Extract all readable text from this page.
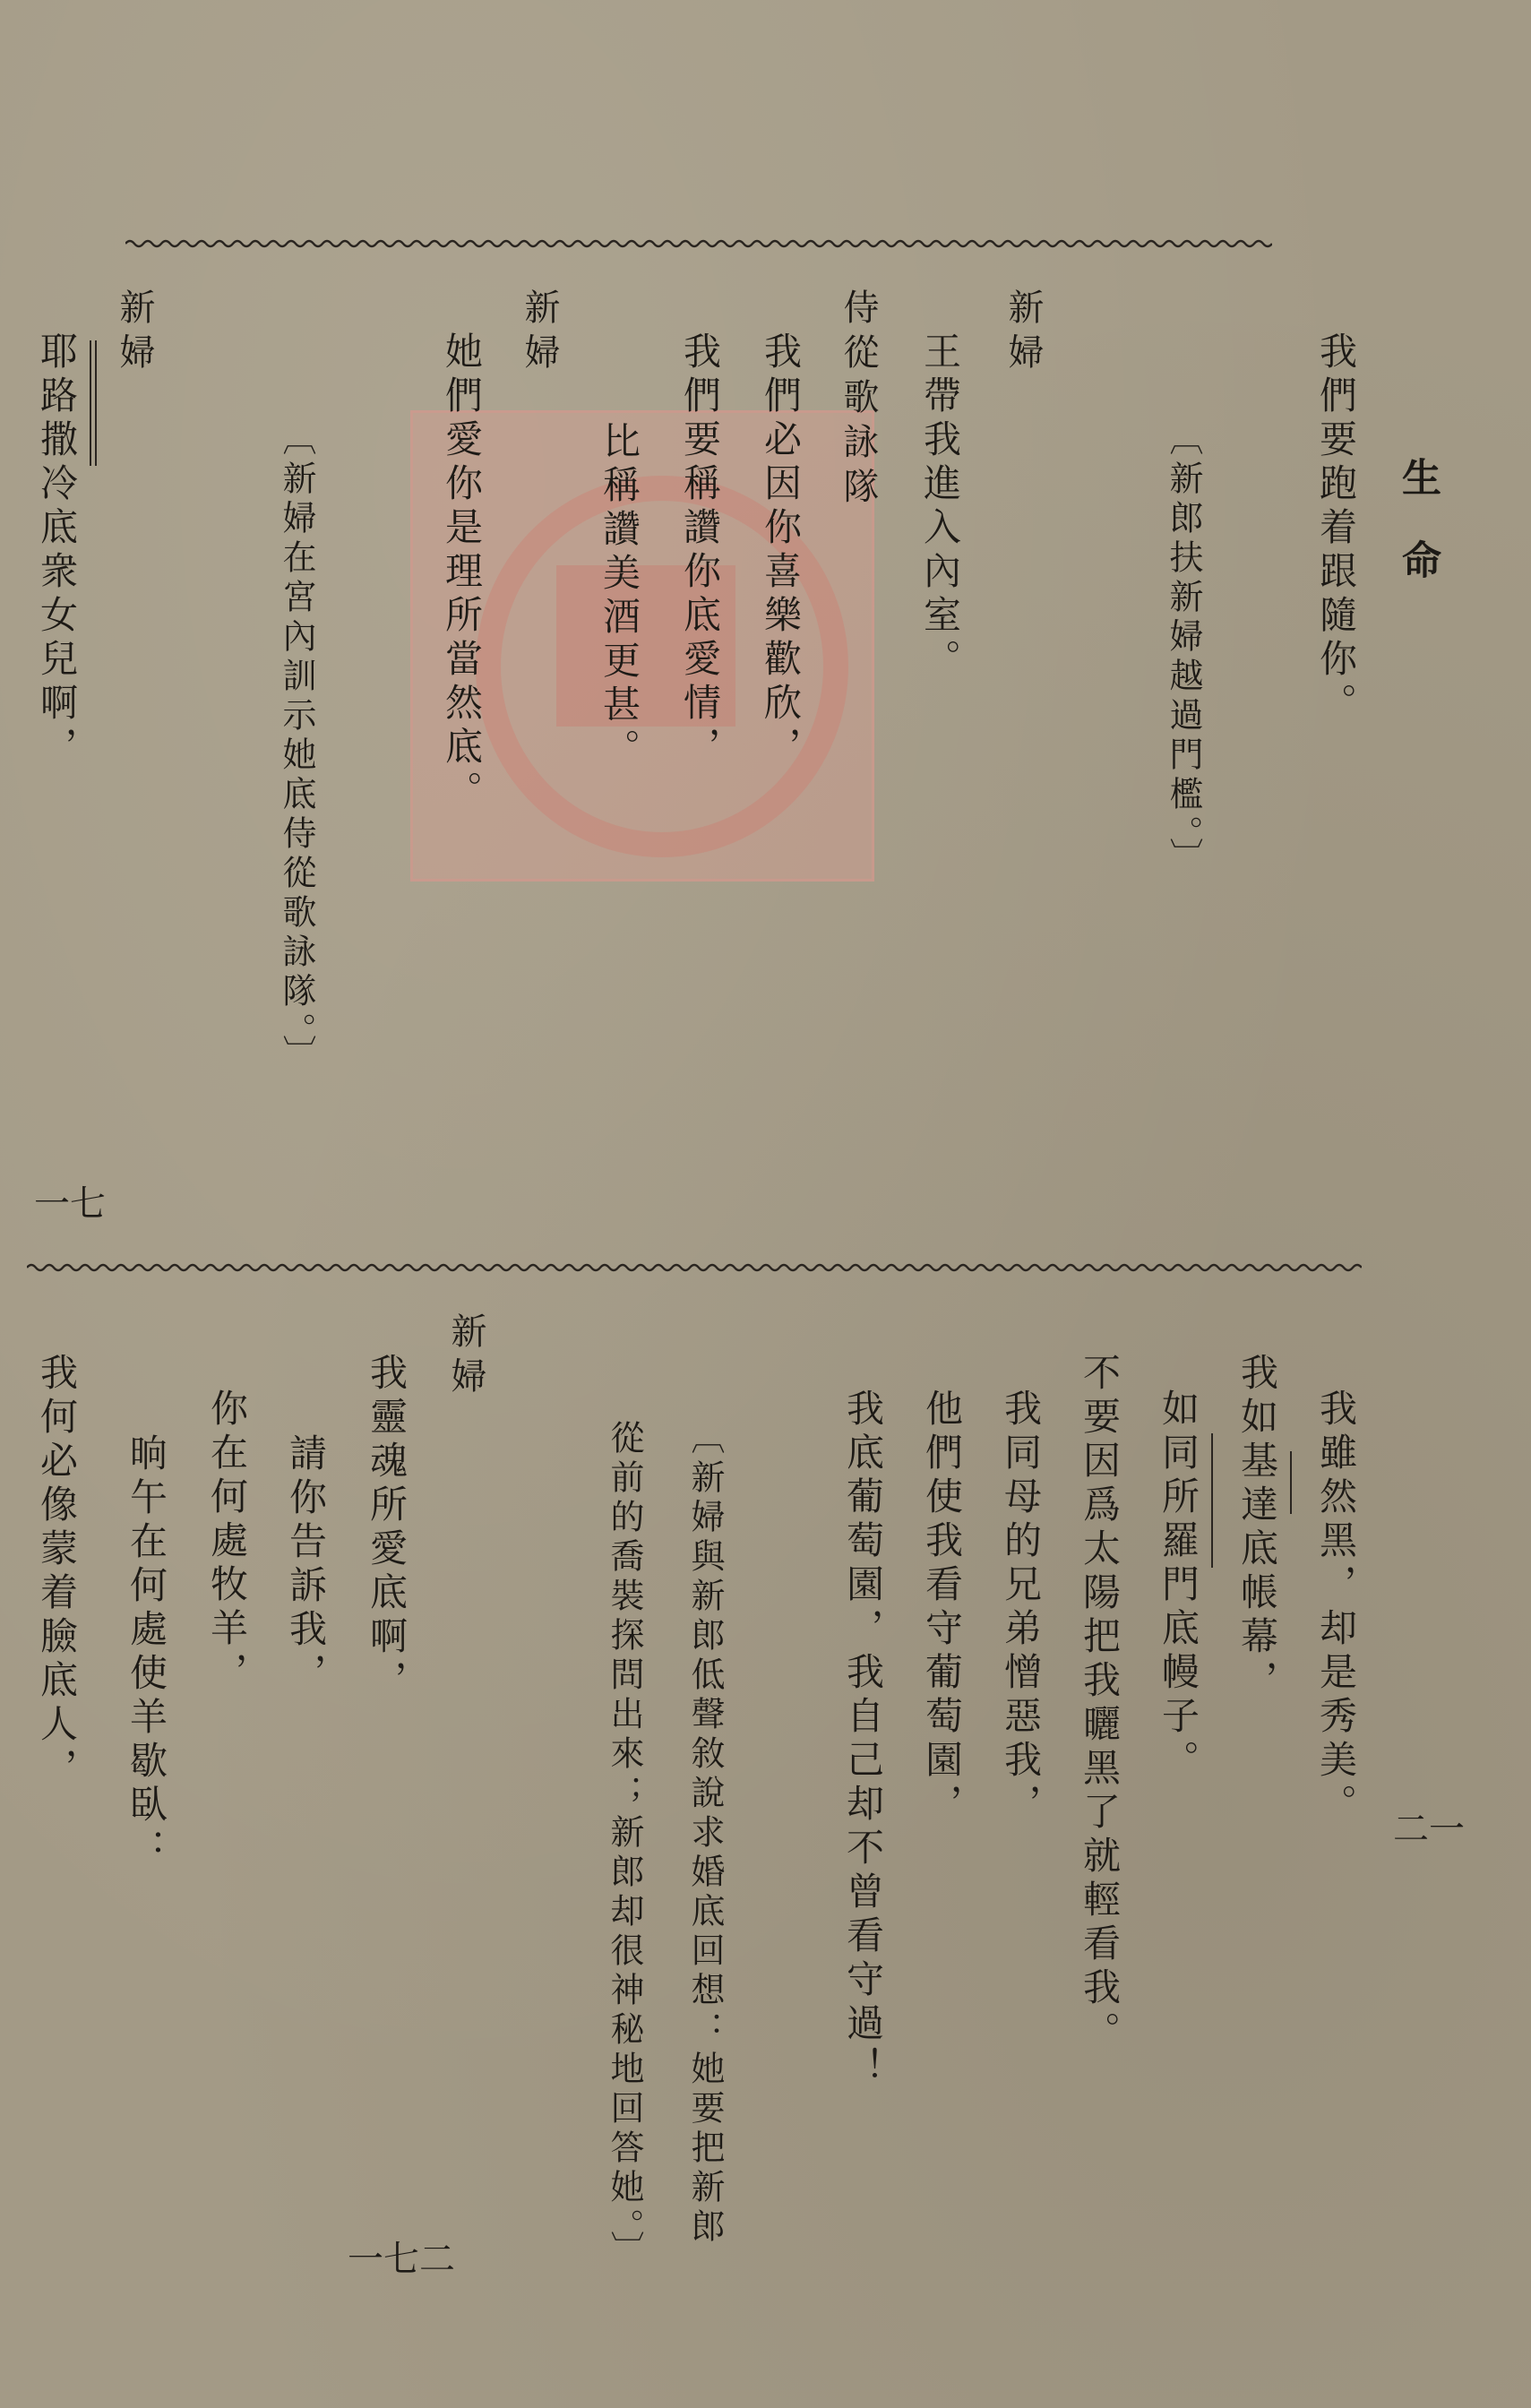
生命
一七
二一
一七二
我們要跑着跟隨你。
〔新郎扶新婦越過門檻。〕
新婦
王帶我進入內室。
侍從歌詠隊
我們必因你喜樂歡欣，
我們要稱讚你底愛情，
比稱讚美酒更甚。
新婦
她們愛你是理所當然底。
〔新婦在宮內訓示她底侍從歌詠隊。〕
新婦
耶路撒冷底衆女兒啊，
我雖然黑，却是秀美。
我如基達底帳幕，
如同所羅門底幔子。
不要因爲太陽把我曬黑了就輕看我。
我同母的兄弟憎惡我，
他們使我看守葡萄園，
我底葡萄園，我自己却不曾看守過！
〔新婦與新郎低聲敘說求婚底回想：她要把新郎
從前的喬裝探問出來；新郎却很神秘地回答她。〕
新婦
我靈魂所愛底啊，
請你告訴我，
你在何處牧羊，
晌午在何處使羊歇臥：
我何必像蒙着臉底人，
